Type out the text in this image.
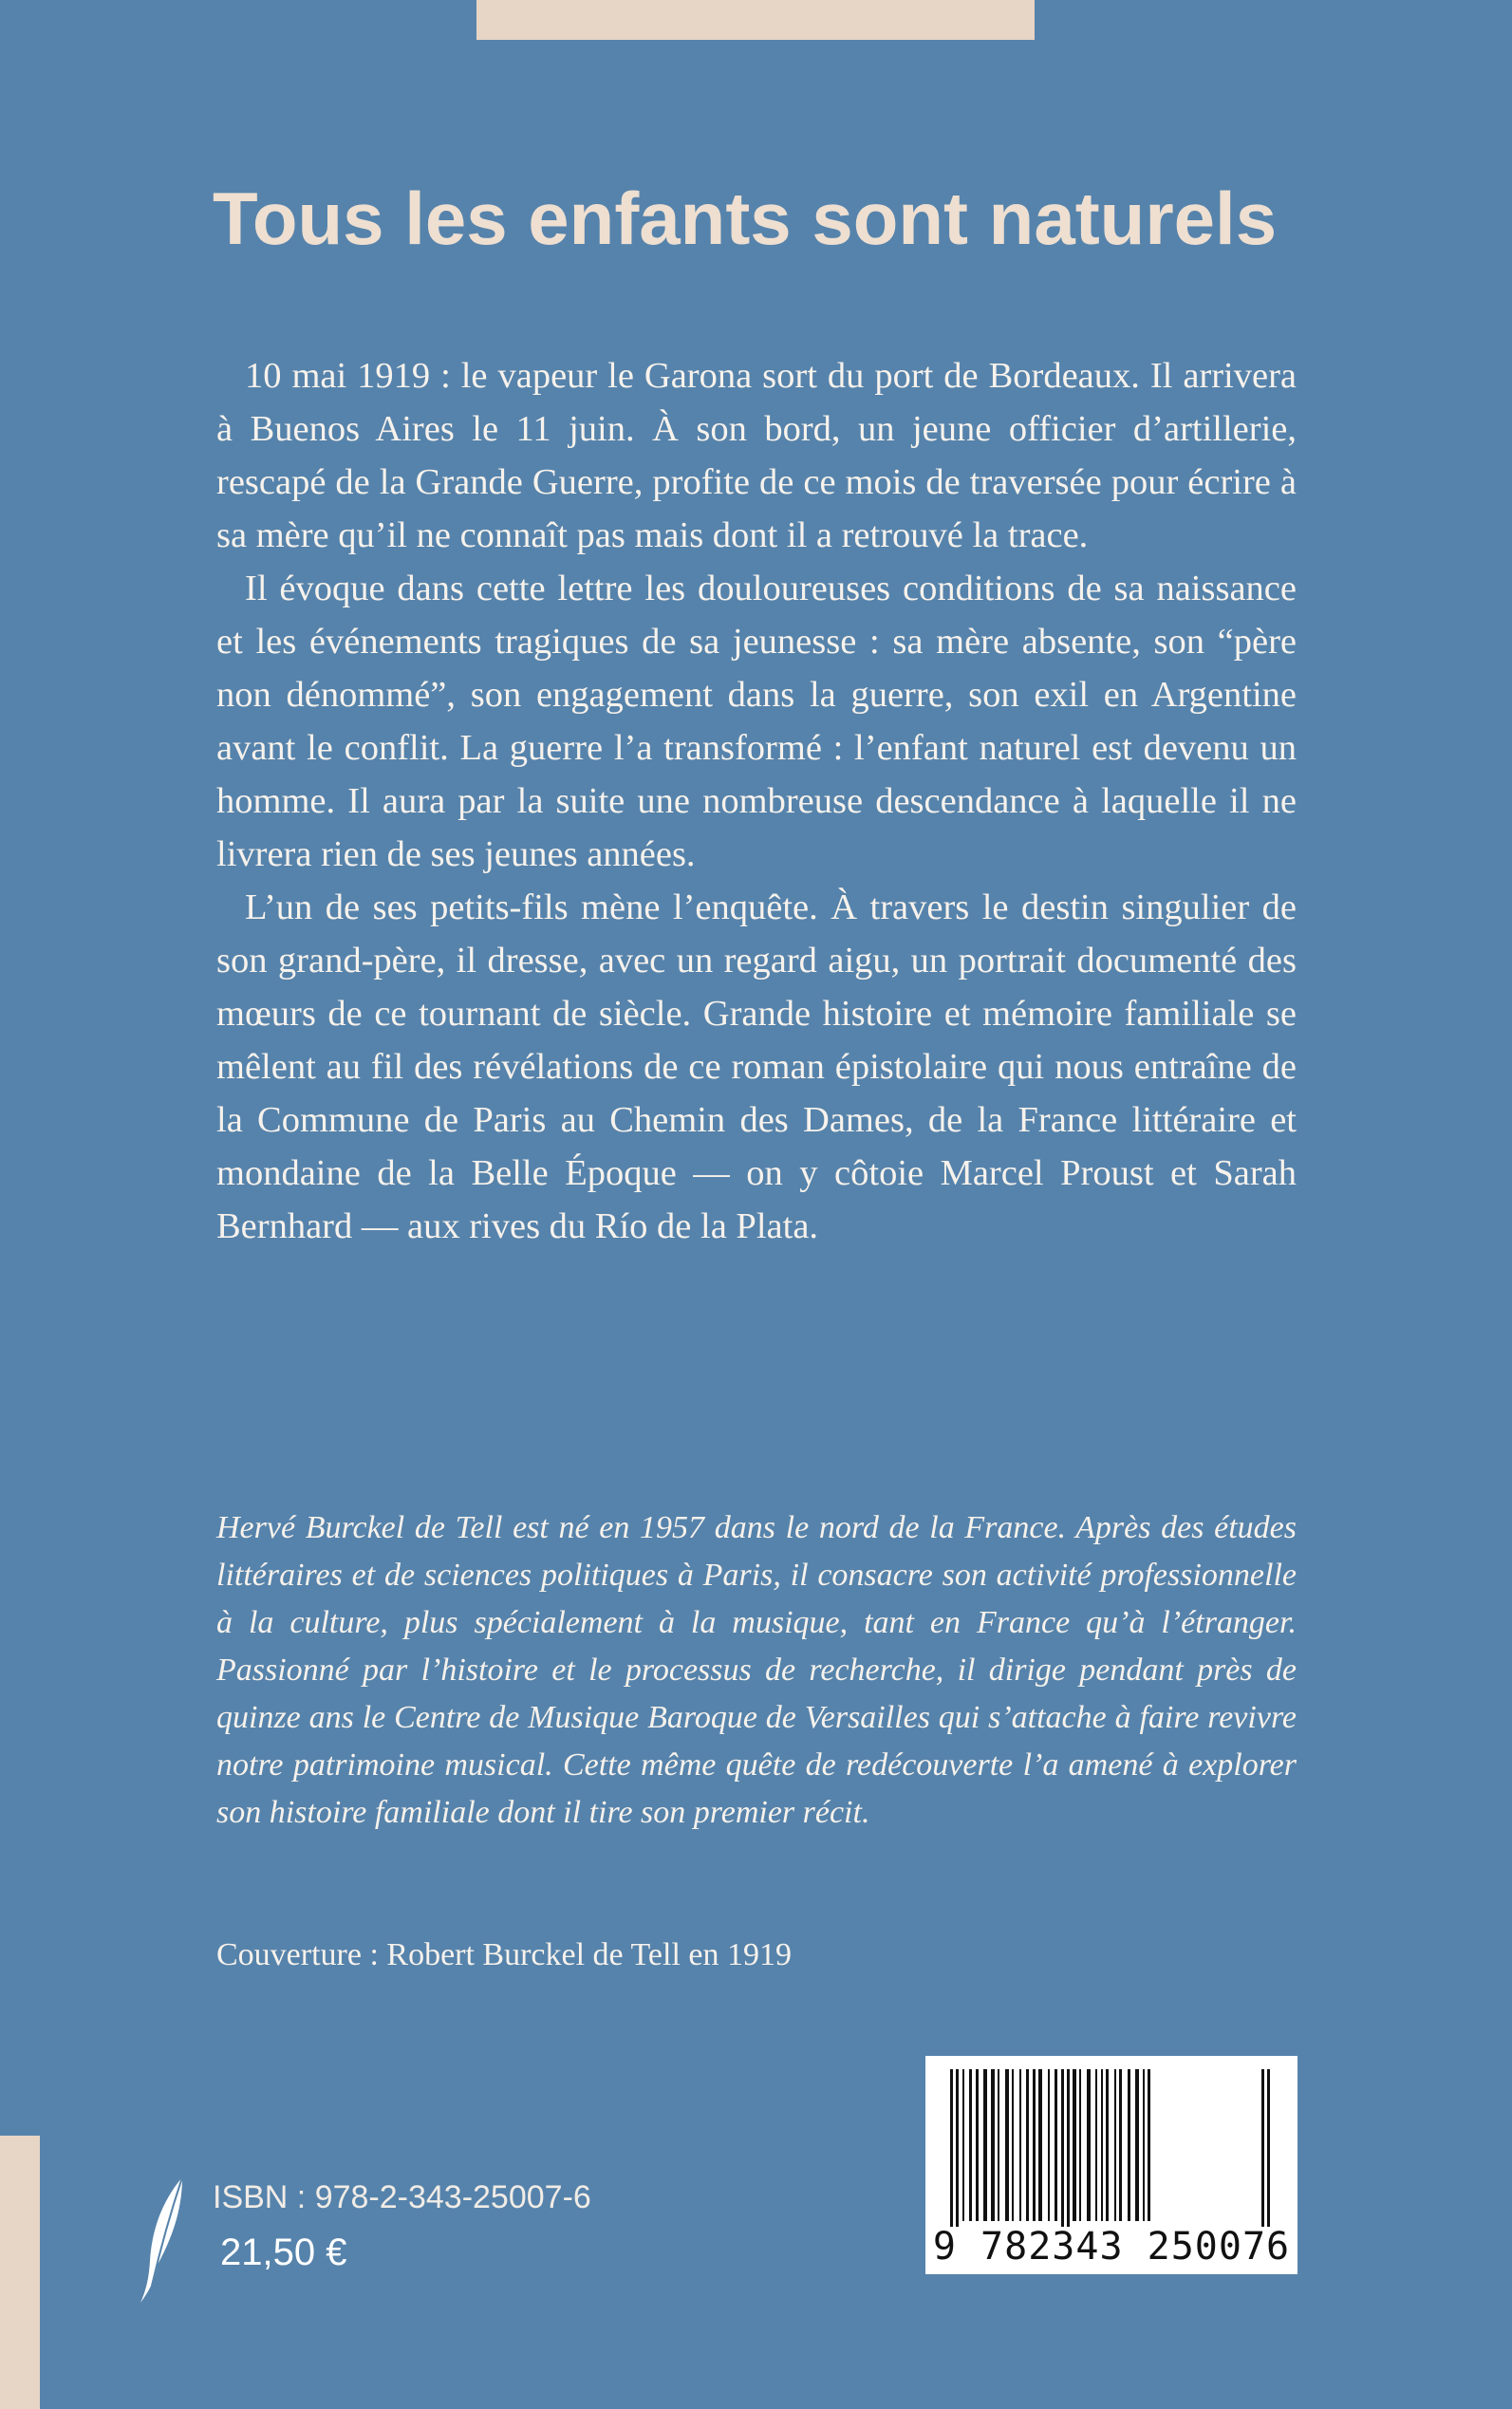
Tous les enfants sont naturels

10 mai 1919 : le vapeur le Garona sort du port de Bordeaux. Il arrivera à Buenos Aires le 11 juin. À son bord, un jeune officier d’artillerie, rescapé de la Grande Guerre, profite de ce mois de traversée pour écrire à sa mère qu’il ne connaît pas mais dont il a retrouvé la trace.

Il évoque dans cette lettre les douloureuses conditions de sa naissance et les événements tragiques de sa jeunesse : sa mère absente, son “père non dénommé”, son engagement dans la guerre, son exil en Argentine avant le conflit. La guerre l’a transformé : l’enfant naturel est devenu un homme. Il aura par la suite une nombreuse descendance à laquelle il ne livrera rien de ses jeunes années.

L’un de ses petits-fils mène l’enquête. À travers le destin singulier de son grand-père, il dresse, avec un regard aigu, un portrait documenté des mœurs de ce tournant de siècle. Grande histoire et mémoire familiale se mêlent au fil des révélations de ce roman épistolaire qui nous entraîne de la Commune de Paris au Chemin des Dames, de la France littéraire et mondaine de la Belle Époque — on y côtoie Marcel Proust et Sarah Bernhard — aux rives du Río de la Plata.

Hervé Burckel de Tell est né en 1957 dans le nord de la France. Après des études littéraires et de sciences politiques à Paris, il consacre son activité professionnelle à la culture, plus spécialement à la musique, tant en France qu’à l’étranger. Passionné par l’histoire et le processus de recherche, il dirige pendant près de quinze ans le Centre de Musique Baroque de Versailles qui s’attache à faire revivre notre patrimoine musical. Cette même quête de redécouverte l’a amené à explorer son histoire familiale dont il tire son premier récit.

Couverture : Robert Burckel de Tell en 1919

ISBN : 978-2-343-25007-6

21,50 €	9 782343 250076
